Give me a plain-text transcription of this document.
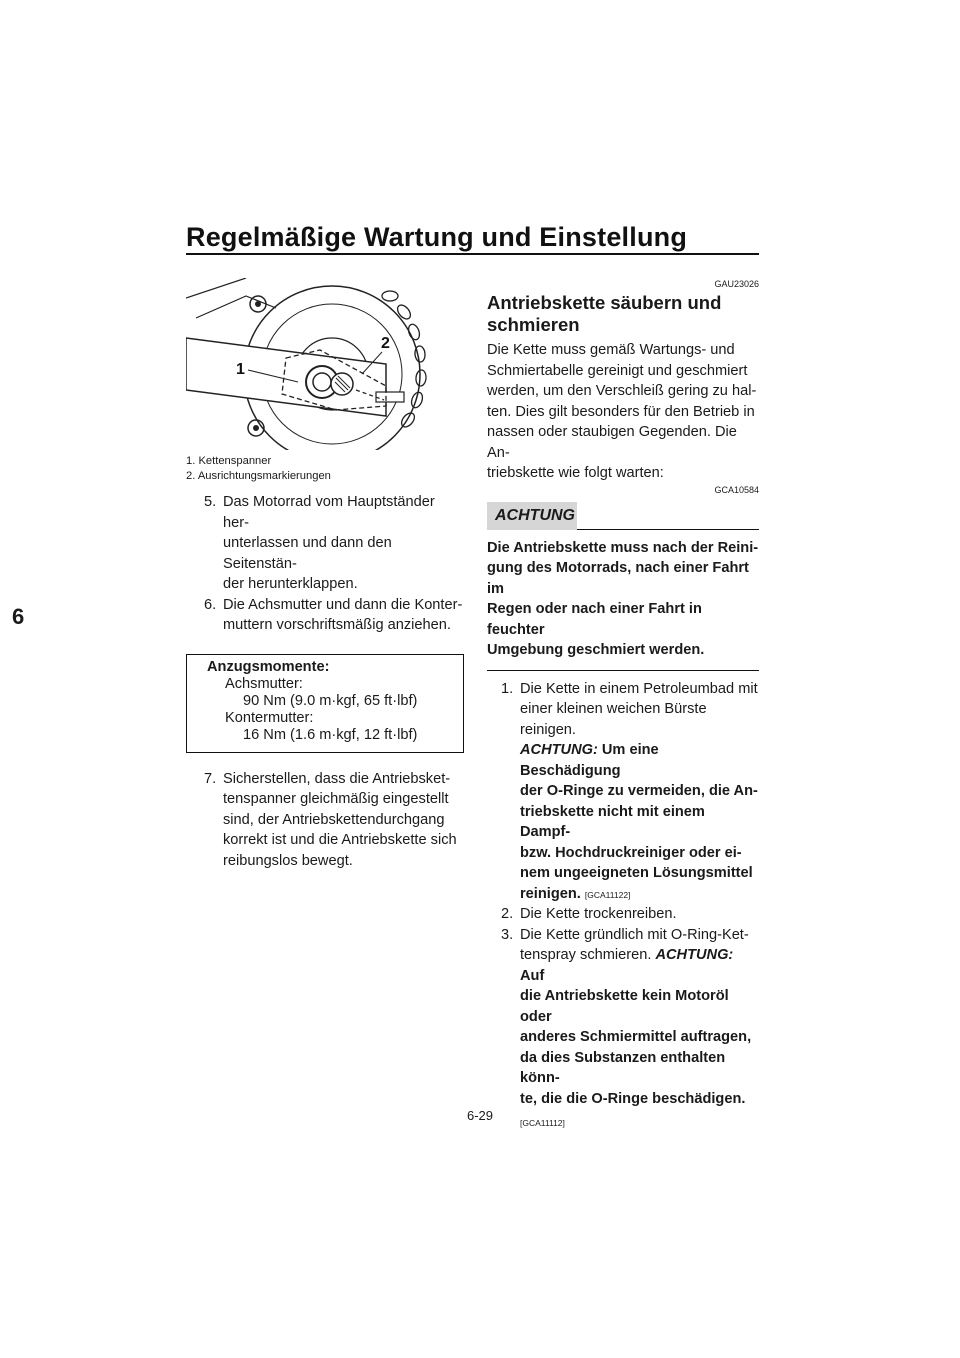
Regelmäßige Wartung und Einstellung
6
1
2
1. Kettenspanner
2. Ausrichtungsmarkierungen
5. Das Motorrad vom Hauptständer her-
unterlassen und dann den Seitenstän-
der herunterklappen.
6. Die Achsmutter und dann die Konter-
muttern vorschriftsmäßig anziehen.
Anzugsmomente:
Achsmutter:
90 Nm (9.0 m·kgf, 65 ft·lbf)
Kontermutter:
16 Nm (1.6 m·kgf, 12 ft·lbf)
7. Sicherstellen, dass die Antriebsket-
tenspanner gleichmäßig eingestellt
sind, der Antriebskettendurchgang
korrekt ist und die Antriebskette sich
reibungslos bewegt.
GAU23026
Antriebskette säubern und
schmieren
Die Kette muss gemäß Wartungs- und
Schmiertabelle gereinigt und geschmiert
werden, um den Verschleiß gering zu hal-
ten. Dies gilt besonders für den Betrieb in
nassen oder staubigen Gegenden. Die An-
triebskette wie folgt warten:
GCA10584
ACHTUNG
Die Antriebskette muss nach der Reini-
gung des Motorrads, nach einer Fahrt im
Regen oder nach einer Fahrt in feuchter
Umgebung geschmiert werden.
1. Die Kette in einem Petroleumbad mit
einer kleinen weichen Bürste reinigen.
ACHTUNG: Um eine Beschädigung
der O-Ringe zu vermeiden, die An-
triebskette nicht mit einem Dampf-
bzw. Hochdruckreiniger oder ei-
nem ungeeigneten Lösungsmittel
reinigen. [GCA11122]
2. Die Kette trockenreiben.
3. Die Kette gründlich mit O-Ring-Ket-
tenspray schmieren. ACHTUNG: Auf
die Antriebskette kein Motoröl oder
anderes Schmiermittel auftragen,
da dies Substanzen enthalten könn-
te, die die O-Ringe beschädigen.
[GCA11112]
6-29
